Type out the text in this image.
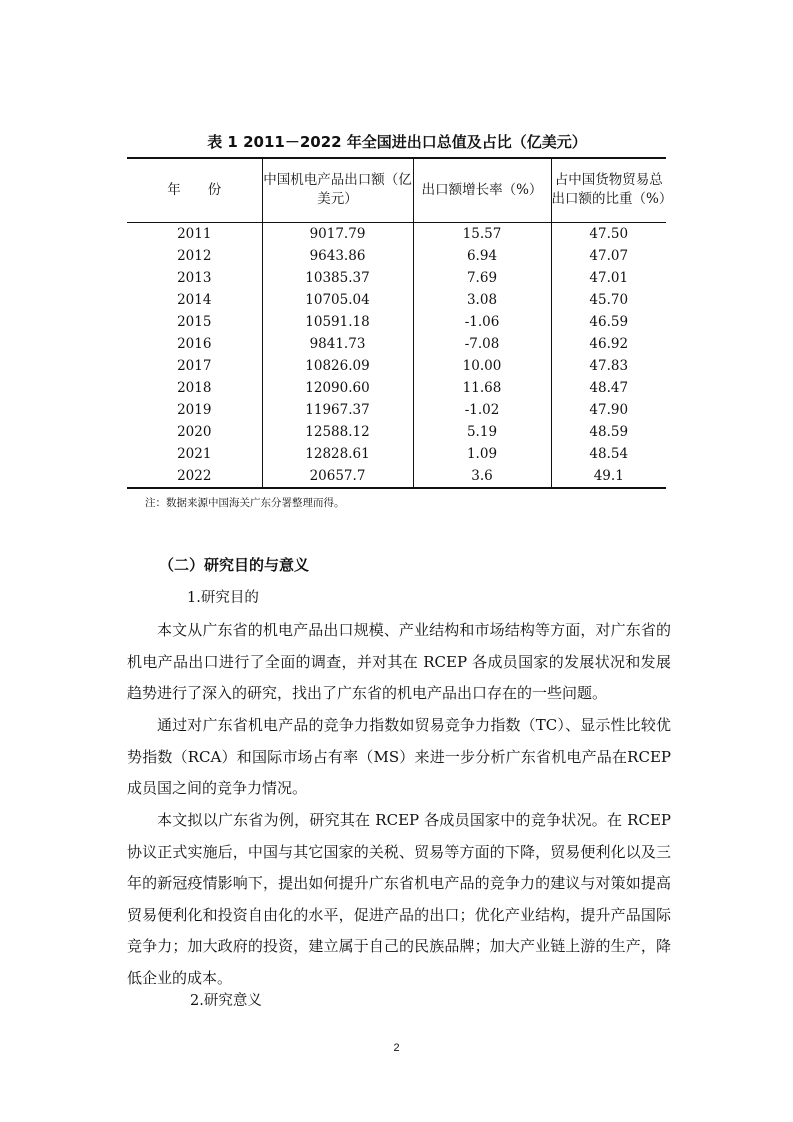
表 1 2011－2022 年全国进出口总值及占比（亿美元）
年　　份	中国机电产品出口额（亿美元）	出口额增长率（%）	占中国货物贸易总出口额的比重（%）
2011	9017.79	15.57	47.50
2012	9643.86	6.94	47.07
2013	10385.37	7.69	47.01
2014	10705.04	3.08	45.70
2015	10591.18	-1.06	46.59
2016	9841.73	-7.08	46.92
2017	10826.09	10.00	47.83
2018	12090.60	11.68	48.47
2019	11967.37	-1.02	47.90
2020	12588.12	5.19	48.59
2021	12828.61	1.09	48.54
2022	20657.7	3.6	49.1
注：数据来源中国海关广东分署整理而得。
（二）研究目的与意义
1.研究目的
本文从广东省的机电产品出口规模、产业结构和市场结构等方面，对广东省的机电产品出口进行了全面的调查，并对其在 RCEP 各成员国家的发展状况和发展趋势进行了深入的研究，找出了广东省的机电产品出口存在的一些问题。
通过对广东省机电产品的竞争力指数如贸易竞争力指数（TC）、显示性比较优势指数（RCA）和国际市场占有率（MS）来进一步分析广东省机电产品在RCEP成员国之间的竞争力情况。
本文拟以广东省为例，研究其在 RCEP 各成员国家中的竞争状况。在 RCEP 协议正式实施后，中国与其它国家的关税、贸易等方面的下降，贸易便利化以及三年的新冠疫情影响下，提出如何提升广东省机电产品的竞争力的建议与对策如提高贸易便利化和投资自由化的水平，促进产品的出口；优化产业结构，提升产品国际竞争力；加大政府的投资，建立属于自己的民族品牌；加大产业链上游的生产，降低企业的成本。
2.研究意义
2
